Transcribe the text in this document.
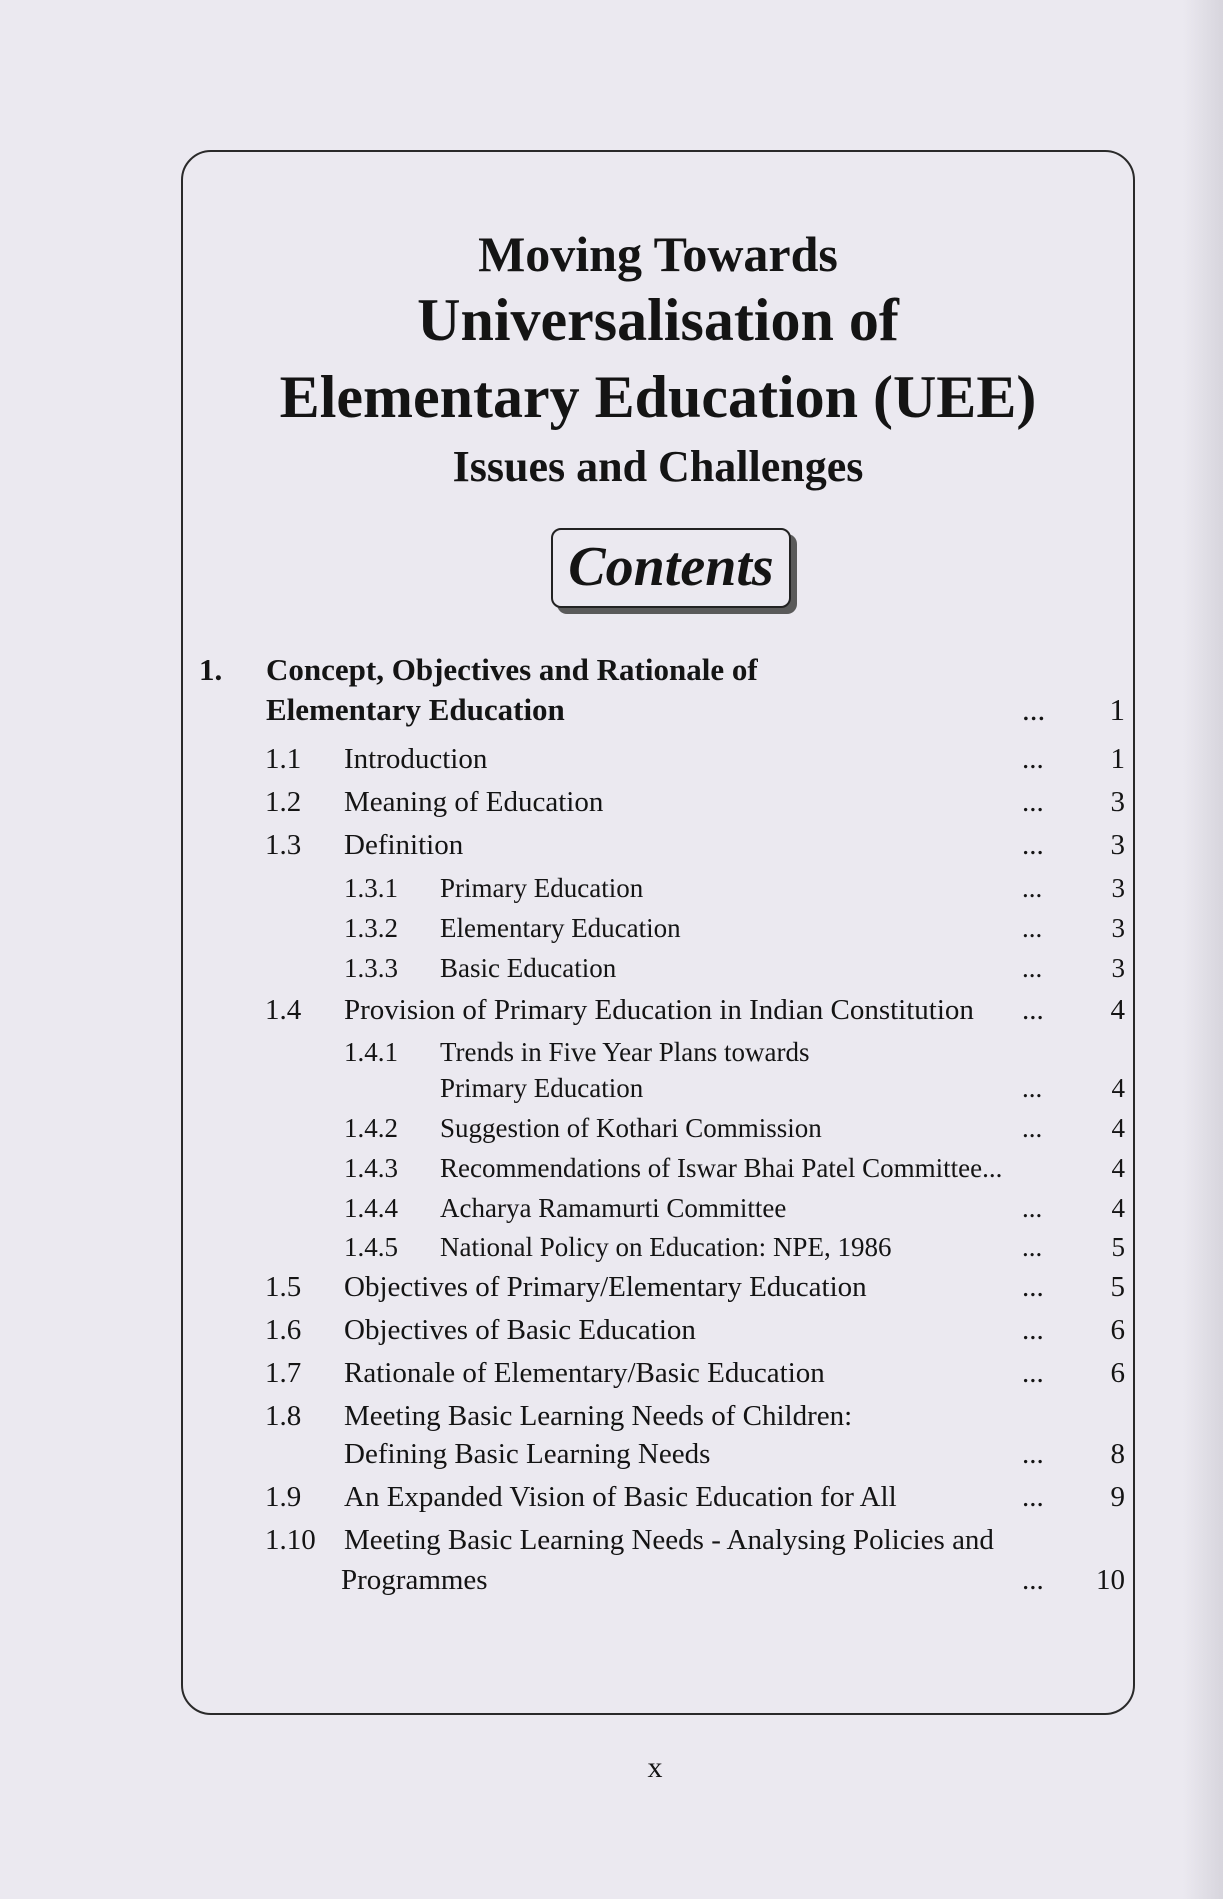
Moving Towards
Universalisation of
Elementary Education (UEE)
Issues and Challenges
Contents
1. Concept, Objectives and Rationale of
Elementary Education	...	1
1.1 Introduction	...	1
1.2 Meaning of Education	...	3
1.3 Definition	...	3
1.3.1 Primary Education	...	3
1.3.2 Elementary Education	...	3
1.3.3 Basic Education	...	3
1.4 Provision of Primary Education in Indian Constitution ...	4
1.4.1 Trends in Five Year Plans towards
Primary Education	...	4
1.4.2 Suggestion of Kothari Commission	...	4
1.4.3 Recommendations of Iswar Bhai Patel Committee...	4
1.4.4 Acharya Ramamurti Committee	...	4
1.4.5 National Policy on Education: NPE, 1986	...	5
1.5 Objectives of Primary/Elementary Education	...	5
1.6 Objectives of Basic Education	...	6
1.7 Rationale of Elementary/Basic Education	...	6
1.8 Meeting Basic Learning Needs of Children:
Defining Basic Learning Needs	...	8
1.9 An Expanded Vision of Basic Education for All	...	9
1.10 Meeting Basic Learning Needs - Analysing Policies and
Programmes	...	10
x
